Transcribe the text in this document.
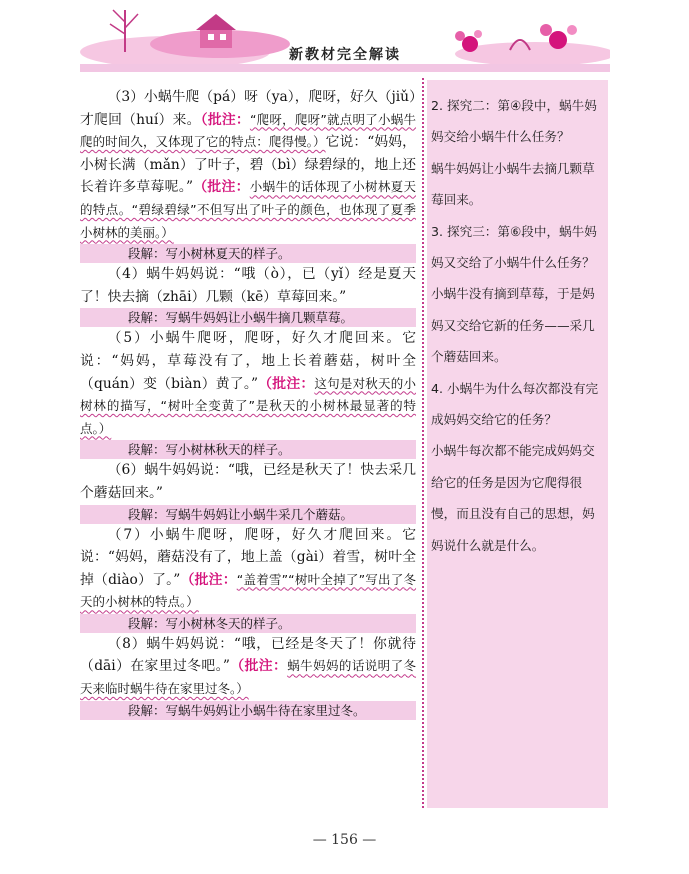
新教材完全解读

（3）小蜗牛爬（pá）呀（ya），爬呀，好久（jiǔ）才爬回（huí）来。（批注：“爬呀，爬呀”就点明了小蜗牛爬的时间久，又体现了它的特点：爬得慢。）它说：“妈妈，小树长满（mǎn）了叶子，碧（bì）绿碧绿的，地上还长着许多草莓呢。”（批注：小蜗牛的话体现了小树林夏天的特点。“碧绿碧绿”不但写出了叶子的颜色，也体现了夏季小树林的美丽。）

段解：写小树林夏天的样子。

（4）蜗牛妈妈说：“哦（ò），已（yǐ）经是夏天了！快去摘（zhāi）几颗（kē）草莓回来。”

段解：写蜗牛妈妈让小蜗牛摘几颗草莓。

（5）小蜗牛爬呀，爬呀，好久才爬回来。它说：“妈妈，草莓没有了，地上长着蘑菇，树叶全（quán）变（biàn）黄了。”（批注：这句是对秋天的小树林的描写，“树叶全变黄了”是秋天的小树林最显著的特点。）

段解：写小树林秋天的样子。

（6）蜗牛妈妈说：“哦，已经是秋天了！快去采几个蘑菇回来。”

段解：写蜗牛妈妈让小蜗牛采几个蘑菇。

（7）小蜗牛爬呀，爬呀，好久才爬回来。它说：“妈妈，蘑菇没有了，地上盖（gài）着雪，树叶全掉（diào）了。”（批注：“盖着雪”“树叶全掉了”写出了冬天的小树林的特点。）

段解：写小树林冬天的样子。

（8）蜗牛妈妈说：“哦，已经是冬天了！你就待（dāi）在家里过冬吧。”（批注：蜗牛妈妈的话说明了冬天来临时蜗牛待在家里过冬。）

段解：写蜗牛妈妈让小蜗牛待在家里过冬。

2. 探究二：第④段中，蜗牛妈妈交给小蜗牛什么任务？

蜗牛妈妈让小蜗牛去摘几颗草莓回来。

3. 探究三：第⑥段中，蜗牛妈妈又交给了小蜗牛什么任务？

小蜗牛没有摘到草莓，于是妈妈又交给它新的任务——采几个蘑菇回来。

4. 小蜗牛为什么每次都没有完成妈妈交给它的任务？

小蜗牛每次都不能完成妈妈交给它的任务是因为它爬得很慢，而且没有自己的思想，妈妈说什么就是什么。

— 156 —
